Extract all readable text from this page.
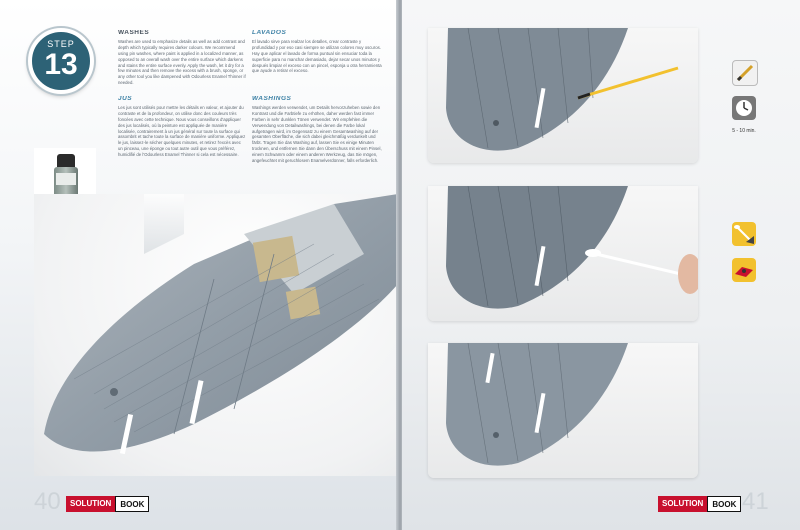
STEP
13
WASHES

Washes are used to emphasize details as well as add contrast and depth which typically requires darker colours. We recommend using pin washes, where paint is applied in a localized manner, as opposed to an overall wash over the entire surface which darkens and stains the entire surface evenly. Apply the wash, let it dry for a few minutes and then remove the excess with a brush, sponge, or any other tool you like dampened with Odourless Enamel Thinner if needed.

LAVADOS

El lavado sirve para realzar los detalles, crear contraste y profundidad y por eso casi siempre se utilizan colores muy oscuros. Hay que aplicar el lavado de forma puntual sin ensuciar toda la superficie para no manchar demasiado, dejar secar unos minutos y después limpiar el exceso con un pincel, esponja u otra herramienta que ayude a retirar el exceso.

JUS

Les jus sont utilisés pour mettre les détails en valeur, et ajouter du contraste et de la profondeur, on utilise donc des couleurs très foncées avec cette technique. Nous vous conseillons d'appliquer des jus localisés, où la peinture est appliquée de manière localisée, contrairement à un jus général sur toute la surface qui assombrit et tache toute la surface de manière uniforme. Appliquez le jus, laissez-le sécher quelques minutes, et retirez l'excès avec un pinceau, une éponge ou tout autre outil que vous préférez, humidifié de l'Odourless Enamel Thinner si cela est nécessaire.

WASHINGS

Washings werden verwendet, um Details hervorzuheben sowie den Kontrast und die Farbtiefe zu erhöhen, daher werden fast immer Farben in sehr dunklen Tönen verwendet. Wir empfehlen die Verwendung von Detailwashings, bei denen die Farbe lokal aufgetragen wird, im Gegensatz zu einem Gesamtwashing auf der gesamten Oberfläche, die sich dabei gleichmäßig verdunkelt und färbt. Tragen Sie das Washing auf, lassen Sie es einige Minuten trocknen, und entfernen Sie dann den Überschuss mit einem Pinsel, einem Schwamm oder einem anderen Werkzeug, das Sie mögen, angefeuchtet mit geruchlosem Enamelverdünner, falls erforderlich.

40	SOLUTION	BOOK
5 - 10 min.
SOLUTION	BOOK 41
